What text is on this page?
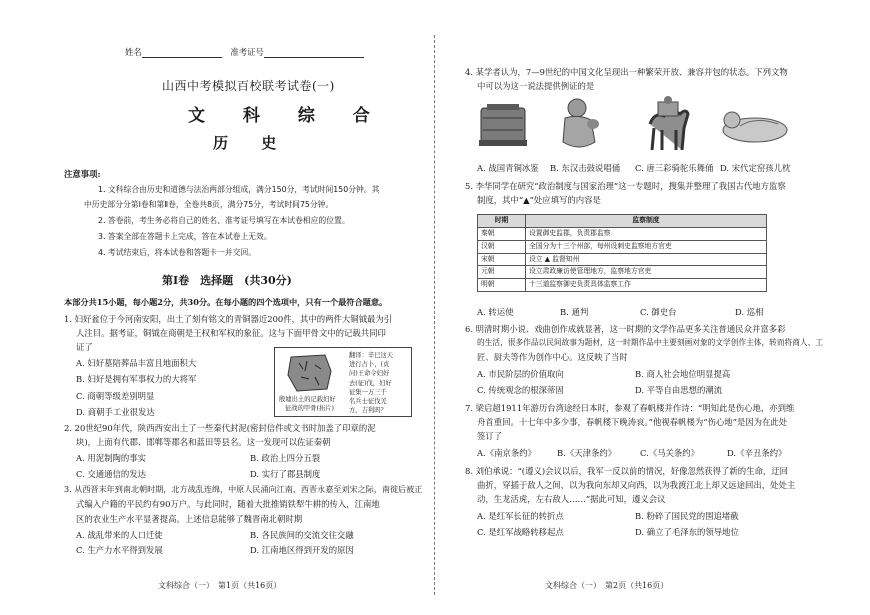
姓名	准考证号
山西中考模拟百校联考试卷(一)
文 科 综 合
历 史
注意事项:
1. 文科综合由历史和道德与法治两部分组成，满分150分，考试时间150分钟。其
中历史部分分第Ⅰ卷和第Ⅱ卷，全卷共8页，满分75分，考试时间75分钟。
2. 答卷前，考生务必将自己的姓名、准考证号填写在本试卷相应的位置。
3. 答案全部在答题卡上完成，答在本试卷上无效。
4. 考试结束后，将本试卷和答题卡一并交回。
第Ⅰ卷　选择题　(共30分)
本部分共15小题，每小题2分，共30分。在每小题的四个选项中，只有一个最符合题意。
1. 妇好盆位于今河南安阳，出土了刻有铭文的青铜器近200件，其中的两件大铜钺最为引
人注目。据考证，铜钺在商朝是王权和军权的象征。这与下面甲骨文中的记载共同印
证了
A. 妇好墓陪葬品丰富且地面积大
B. 妇好是拥有军事权力的大将军
C. 商朝等级差别明显
D. 商朝手工业很发达
殷墟出土的记载妇好
征战的甲骨(拓片)
翻译：辛巳这天
进行占卜，(贞
问)王命令妇好
去(征)伐，妇好
征集一万三千
名兵士征伐羌
方，吉利吗？
2. 20世纪90年代，陕西西安出土了一些秦代封泥(密封信件或文书时加盖了印章的泥
块)，上面有代郡、邯郸等郡名和蓝田等县名。这一发现可以佐证秦朝
A. 用泥制陶的事实	B. 政治上四分五裂
C. 交通通信的发达	D. 实行了郡县制度
3. 从西晋末年到南北朝时期，北方战乱连绵，中原人民涌向江南，西晋永嘉至刘宋之际，南徙后被正
式编入户籍的平民约有90万户。与此同时，随着大批推销铁犁牛耕的传入，江南地
区的农业生产水平显著提高。上述信息能够了魏晋南北朝时期
A. 战乱带来的人口迁徙	B. 各民族间的交流交往交融
C. 生产力水平得到发展	D. 江南地区得到开发的原因
文科综合（一）　第1页（共16页）
4. 某学者认为，7—9世纪的中国文化呈现出一种繁荣开放、兼容并包的状态。下列文物
中可以为这一说法提供例证的是
A. 战国青铜冰鉴 B. 东汉击鼓说唱俑 C. 唐三彩骑驼乐舞俑 D. 宋代定窑孩儿枕
5. 李华同学在研究“政治制度与国家治理”这一专题时，搜集并整理了我国古代地方监察
制度，其中“▲”处应填写的内容是
时期	监察制度
秦朝	设置御史监郡，负责郡监察
汉朝	全国分为十三个州部，每州设刺史监察地方官吏
宋朝	设立 ▲ 监督知州
元朝	设立肃政廉访使管理地方，监察地方官吏
明朝	十三道监察御史负责具体监察工作
A. 转运使	B. 通判	C. 御史台	D. 巡相
6. 明清时期小说、戏曲创作成就显著，这一时期的文学作品更多关注普通民众并富多彩
的生活，很多作品以民间故事为题材，这一时期作品中主要刻画对象的文学创作主体，转而将商人、工
匠、厨夫等作为创作中心。这反映了当时
A. 市民阶层的价值取向	B. 商人社会地位明显提高
C. 传统观念的根深蒂固	D. 平等自由思想的潮流
7. 梁启超1911年游历台湾途经日本时，参观了春帆楼并作诗：“明知此是伤心地，亦到维
舟首重回。十七年中多少事，春帆楼下晚涛哀。”他视春帆楼为“伤心地”是因为在此处
签订了
A.《南京条约》	B.《天津条约》	C.《马关条约》	D.《辛丑条约》
8. 刘伯承说：“(遵义)会议以后，我军一反以前的情况，好像忽然获得了新的生命，迂回
曲折，穿插于敌人之间，以为我向东却又向西，以为我渡江北上却又远途回出，处处主
动，生龙活虎，左右敌人……”据此可知，遵义会议
A. 是红军长征的转折点	B. 粉碎了国民党的围追堵截
C. 是红军战略转移起点	D. 确立了毛泽东的领导地位
文科综合（一）　第2页（共16页）
